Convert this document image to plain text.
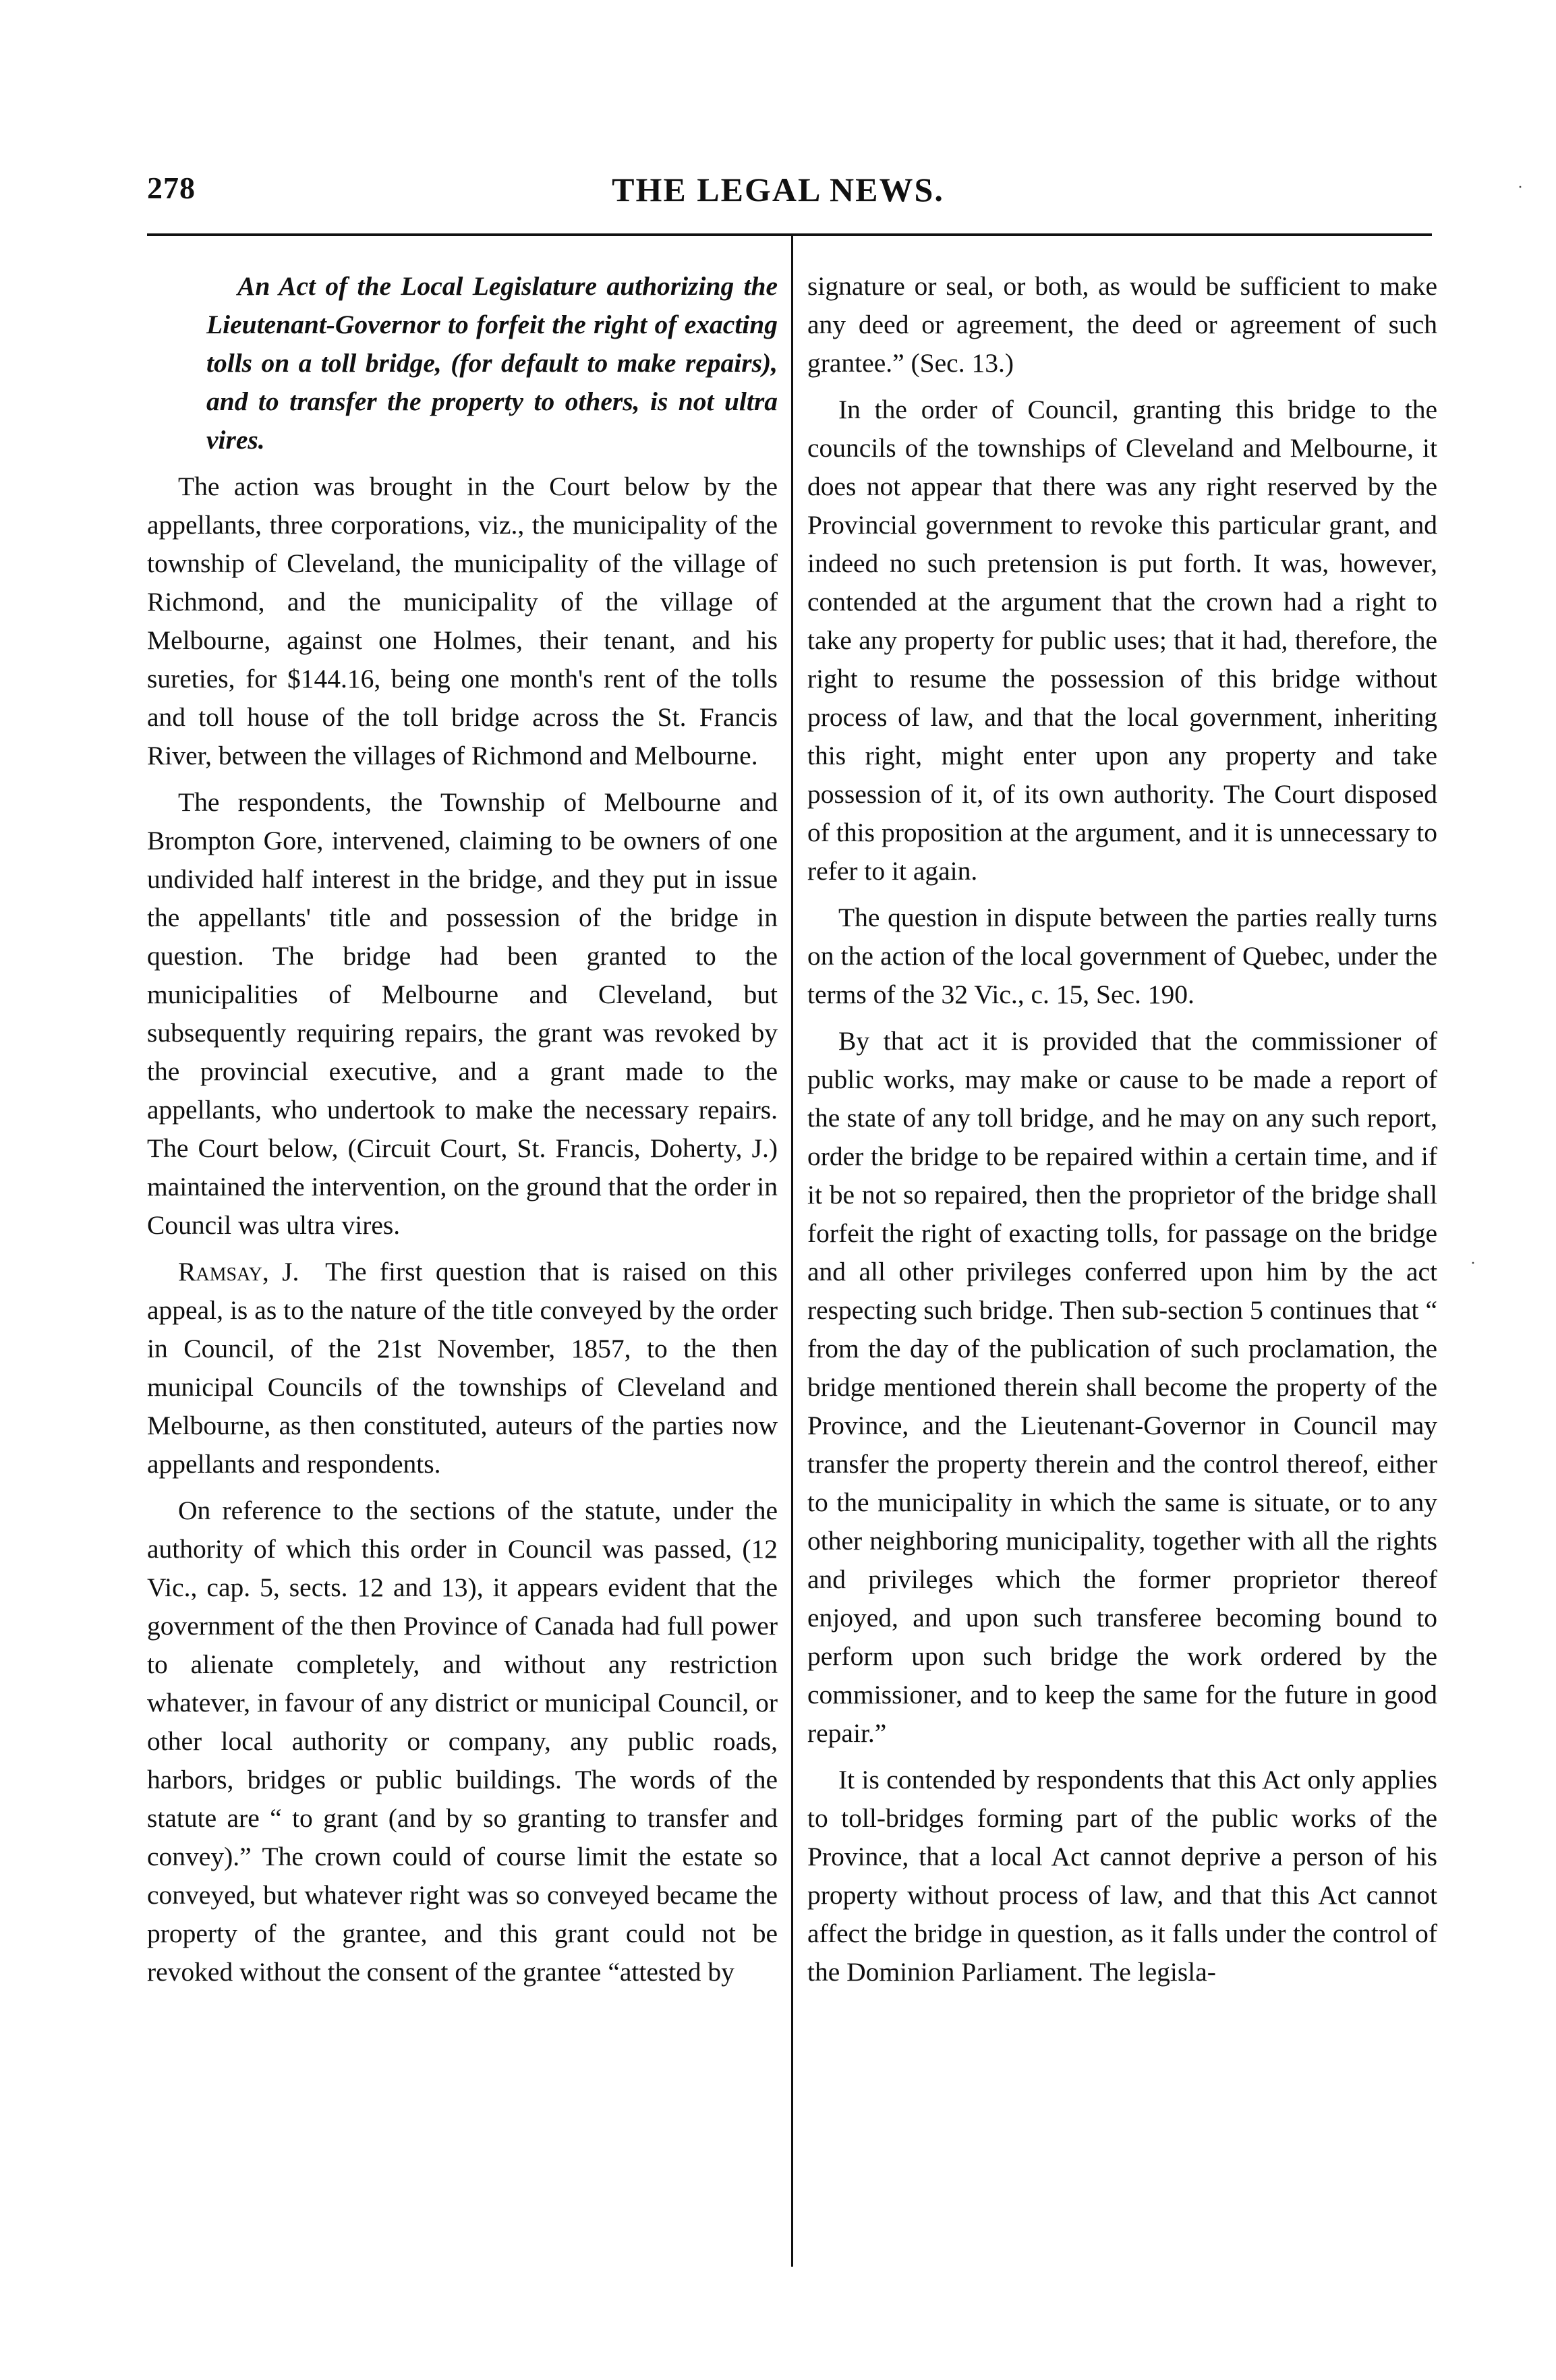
278	THE LEGAL NEWS.

An Act of the Local Legislature authorizing the Lieutenant-Governor to forfeit the right of exacting tolls on a toll bridge, (for default to make repairs), and to transfer the property to others, is not ultra vires.

The action was brought in the Court below by the appellants, three corporations, viz., the municipality of the township of Cleveland, the municipality of the village of Richmond, and the municipality of the village of Melbourne, against one Holmes, their tenant, and his sureties, for $144.16, being one month's rent of the tolls and toll house of the toll bridge across the St. Francis River, between the villages of Richmond and Melbourne.

The respondents, the Township of Melbourne and Brompton Gore, intervened, claiming to be owners of one undivided half interest in the bridge, and they put in issue the appellants' title and possession of the bridge in question. The bridge had been granted to the municipalities of Melbourne and Cleveland, but subsequently requiring repairs, the grant was revoked by the provincial executive, and a grant made to the appellants, who undertook to make the necessary repairs. The Court below, (Circuit Court, St. Francis, Doherty, J.) maintained the intervention, on the ground that the order in Council was ultra vires.

Ramsay, J. The first question that is raised on this appeal, is as to the nature of the title conveyed by the order in Council, of the 21st November, 1857, to the then municipal Councils of the townships of Cleveland and Melbourne, as then constituted, auteurs of the parties now appellants and respondents.

On reference to the sections of the statute, under the authority of which this order in Council was passed, (12 Vic., cap. 5, sects. 12 and 13), it appears evident that the government of the then Province of Canada had full power to alienate completely, and without any restriction whatever, in favour of any district or municipal Council, or other local authority or company, any public roads, harbors, bridges or public buildings. The words of the statute are “ to grant (and by so granting to transfer and convey).” The crown could of course limit the estate so conveyed, but whatever right was so conveyed became the property of the grantee, and this grant could not be revoked without the consent of the grantee “attested by

signature or seal, or both, as would be sufficient to make any deed or agreement, the deed or agreement of such grantee.” (Sec. 13.)

In the order of Council, granting this bridge to the councils of the townships of Cleveland and Melbourne, it does not appear that there was any right reserved by the Provincial government to revoke this particular grant, and indeed no such pretension is put forth. It was, however, contended at the argument that the crown had a right to take any property for public uses; that it had, therefore, the right to resume the possession of this bridge without process of law, and that the local government, inheriting this right, might enter upon any property and take possession of it, of its own authority. The Court disposed of this proposition at the argument, and it is unnecessary to refer to it again.

The question in dispute between the parties really turns on the action of the local government of Quebec, under the terms of the 32 Vic., c. 15, Sec. 190.

By that act it is provided that the commissioner of public works, may make or cause to be made a report of the state of any toll bridge, and he may on any such report, order the bridge to be repaired within a certain time, and if it be not so repaired, then the proprietor of the bridge shall forfeit the right of exacting tolls, for passage on the bridge and all other privileges conferred upon him by the act respecting such bridge. Then sub-section 5 continues that “ from the day of the publication of such proclamation, the bridge mentioned therein shall become the property of the Province, and the Lieutenant-Governor in Council may transfer the property therein and the control thereof, either to the municipality in which the same is situate, or to any other neighboring municipality, together with all the rights and privileges which the former proprietor thereof enjoyed, and upon such transferee becoming bound to perform upon such bridge the work ordered by the commissioner, and to keep the same for the future in good repair.”

It is contended by respondents that this Act only applies to toll-bridges forming part of the public works of the Province, that a local Act cannot deprive a person of his property without process of law, and that this Act cannot affect the bridge in question, as it falls under the control of the Dominion Parliament. The legisla-

·
·
